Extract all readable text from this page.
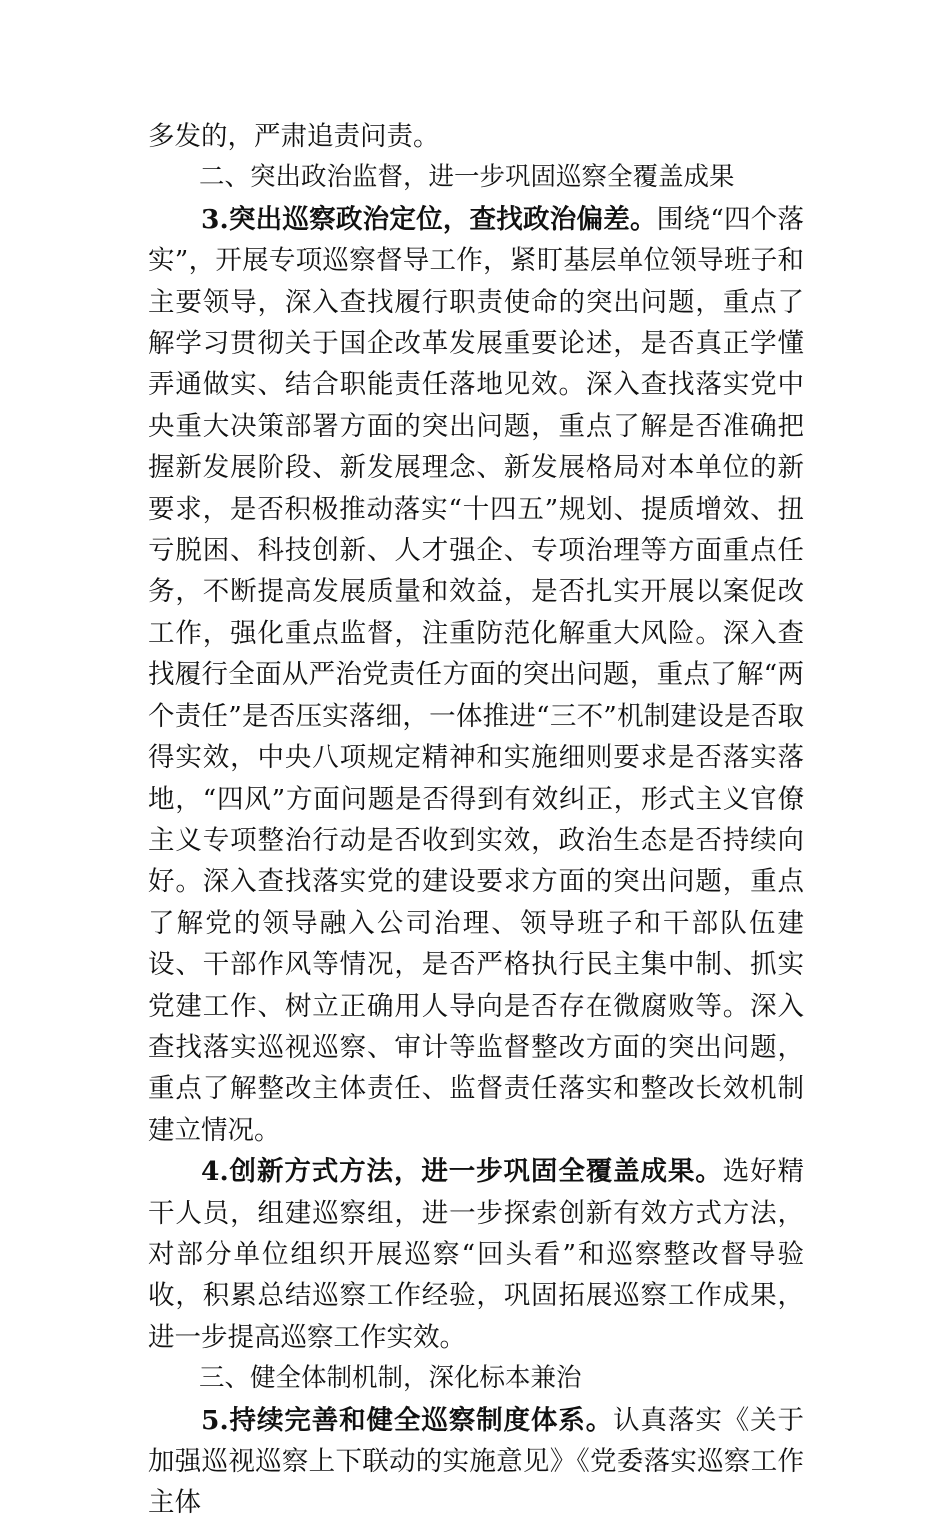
多发的，严肃追责问责。

二、突出政治监督，进一步巩固巡察全覆盖成果

3.突出巡察政治定位，查找政治偏差。围绕“四个落实”，开展专项巡察督导工作，紧盯基层单位领导班子和主要领导，深入查找履行职责使命的突出问题，重点了解学习贯彻关于国企改革发展重要论述，是否真正学懂弄通做实、结合职能责任落地见效。深入查找落实党中央重大决策部署方面的突出问题，重点了解是否准确把握新发展阶段、新发展理念、新发展格局对本单位的新要求，是否积极推动落实“十四五”规划、提质增效、扭亏脱困、科技创新、人才强企、专项治理等方面重点任务，不断提高发展质量和效益，是否扎实开展以案促改工作，强化重点监督，注重防范化解重大风险。深入查找履行全面从严治党责任方面的突出问题，重点了解“两个责任”是否压实落细，一体推进“三不”机制建设是否取得实效，中央八项规定精神和实施细则要求是否落实落地，“四风”方面问题是否得到有效纠正，形式主义官僚主义专项整治行动是否收到实效，政治生态是否持续向好。深入查找落实党的建设要求方面的突出问题，重点了解党的领导融入公司治理、领导班子和干部队伍建设、干部作风等情况，是否严格执行民主集中制、抓实党建工作、树立正确用人导向是否存在微腐败等。深入查找落实巡视巡察、审计等监督整改方面的突出问题，重点了解整改主体责任、监督责任落实和整改长效机制建立情况。

4.创新方式方法，进一步巩固全覆盖成果。选好精干人员，组建巡察组，进一步探索创新有效方式方法，对部分单位组织开展巡察“回头看”和巡察整改督导验收，积累总结巡察工作经验，巩固拓展巡察工作成果，进一步提高巡察工作实效。

三、健全体制机制，深化标本兼治

5.持续完善和健全巡察制度体系。认真落实《关于加强巡视巡察上下联动的实施意见》《党委落实巡察工作主体
